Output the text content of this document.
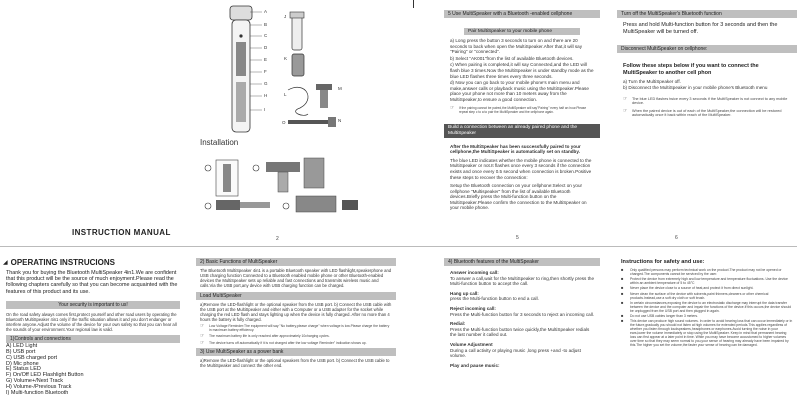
INSTRUCTION MANUAL
A
B
C
D
E
F
G
H
I
J
K
L
M
N
O
Installation
2
5 Use MultiSpeaker with a Bluetooth -enabled cellphone
Pair MultiSpeaker to your mobile phone
a) Long press the button 3 seconds to turn on and there are 20 seconds to back when open the MultiSpeaker.After that,it will say "Pairing" or "connected".
b) Select "AK001"from the list of available Bluetooth devices.
c) When pairing is completed,it will say Connected,and the LED will flash blue 3 times.Now the MultiSpeaker is under standby mode as the blue LED flashes three times every three seconds.
d) Now you can go back to your mobile phone's main menu and make,answer calls or playback music using the MultiSpeaker.Please place your phone not more than 10 meters away from the MultiSpeaker,to ensure a good connection.
☞	If the pairing cannot be paired,the MultiSpeaker will say"Pairing" every half an hour.Please repeat step c to a to pair the MultiSpeaker and the cellphone again.
Build a connection between an already paired phone and the MultiSpeaker
After the MultiSpeaker has been successfully paired to your cellphone,the MultiSpeaker is automatically set on standby.
The blue LED indicates whether the mobile phone is connected to the MultiSpeaker or not.It flashes once every 3 seconds if the connection exists and once every 0.5 second when connection is broken.Positive these steps to recover the connection:
Setup the Bluetooth connection on your cellphone:Select on your cellphone "Multispeaker" from the list of available Bluetooth devices.Briefly press the Multi-function button on the MultiSpeaker.Please confirm the connection to the MultiSpeaker on your mobile phone.
5
Turn off the MultiSpeaker's Bluetooth function
Press and hold Multi-function button for 3 seconds and then the MultiSpeaker will be turned off.
Disconnect MultiSpeaker on cellphone:
Follow these steps below if you want to connect the MultiSpeaker to another cell phon
a) Turn the MultiSpeaker off.
b) Disconnect the MultiSpeaker in your mobile phone's Bluetooth menu
☞	The blue LED flashes twice every 3 seconds if the MultiSpeaker is not connect to any mobile device.
☞	When the paired device is out of each of the MultiSpeaker,the connection will be restored automatically once it back within reach of the MultiSpeaker.
6
◢ OPERATING INSTRUCIONS
Thank you for buying the Bluetooth MultiSpeaker 4in1.We are confident that this product will be the source of much enjoyment.Please read the following chapters carefully so that you can become acquainted with the features of this product and its use.
Your security is important to us!
On the road safety always comes first,protect yourself and other road users by operating the Bluetooth MultiSpeaker 4in1 only if the traffic situation allows it and you don't endanger or interfere anyone.Adjust the volume of the device for your own safety so that you can hear all the sounds of your environment.Your regional law is valid.
1)Controls and connections
A) LED Light
B) USB port
C) USB charged port
D) Mic phone
E) Status LED
F) On/Off LED Flashlight Button
G) Volume+/Next Track
H) Volume-/Previous Track
I) Multi-function Bluetooth
2) Basic Functions of MultiSpeaker
The Bluetooth MultiSpeaker 4in1 is a portable Bluetooth speaker with LED flashlight,speakerphone and USB charging function Connected to a Bluetooth enabled mobile phone or other Bluetooth-enabled devices the MultiSpeaker sets up reliable and fast connections and transmits wireless music and calls.Via the USB port,any device with USB charging function can be charged.
Load MultiSpeaker
a)Remove the LED-flashlight or the optional speaker from the USB port. b) Connect the USB cable with the USB port at the MultiSpeaker and either with a Computer or a USB adapter for the socket while charging the red LED flash and stays lighting up when the device is fully charged. After no more than 4 hours the battery is fully charged.
☞	Low Voltage Reminder:The equipment will say "No battery,please charge" when voltage is low.Please charge the battery in maximum battery efficiency.
☞	The maximum battery life is only reached after approximately 10charging cycles.
☞	The device turns off automatically if it is not charged after the low voltage Reminder" indication shows up.
3) Use MultiSpeaker as a power bank
a)Remove the LED-flashlight or the optional speakers from the USB port. b) Connect the USB cable to the MultiSpeaker and connect the other end.
4) Bluetooth features of the MultiSpeaker
Answer incoming call:
To answer a call,wait for the MultiSpeaker to ring,then shortly press the Multi-function button to accept the call.
Hang up call:
press the Multi-function button to end a call.
Reject incoming call:
Press the Multi-function button for 3 seconds to reject an incoming call.
Redial:
Press the Multi-function button twice quickly,the MultiSpeaker redials the last number it called out.
Volume Adjustment
During a call activity or playing music ,long press +and -to adjust volume.
Play and pause music:
Instructions for safety and use:
■	Only qualified persons may perform technical work on the product.The product may not be opened or changed.The components cannot be serviced by the user.
■	Protect the device from extremely high and low temperature and temperature fluctuations. Use the device within an ambient temperature of 5 to 45°C
■	Never place the device close to a source of heat,and protect it from direct sunlight.
■	Never clean the surface of the device with solvents,paint thinners,cleaners or other chemical products.Instead,use a soft dry cloth or soft brush.
■	In certain circumstances,exposing the device to an electrostatic discharge may interrupt the data transfer between the device and the computer and impair the functions of the device.If this occurs,the device should be unplugged from the USB port and then plugged in again.
■	Do not use USB cables longer than 3 meters.
■	This device can produce high sound volumes. In order to avoid hearing loss that can occur immediately or in the future,gradually you should not listen at high volumes for extended periods.This applies regardless of whether you listen through loudspeakers,headphones or earphones.Avoid turning the noise in your ears,lower the volume immediately or stop using the MultiSpeaker. Keep in mind that permanent hearing loss can first appear at a later point in time. While you may have become accustomed to higher volumes over time so that they may seem normal to you,your sense of hearing may already have been impaired by this.The higher you set the volume,the faster your sense of hearing can be damaged.
